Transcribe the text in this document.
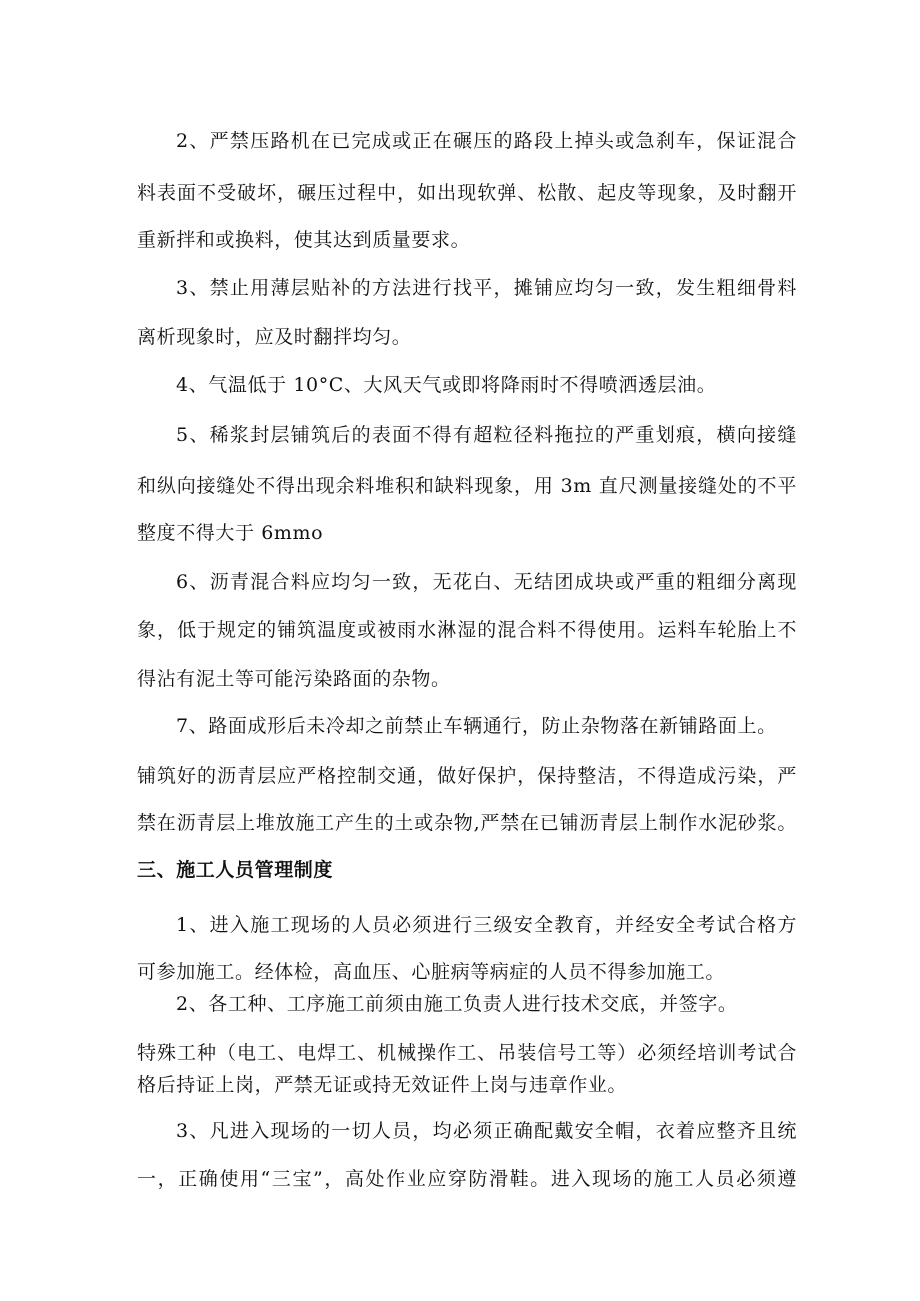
2、严禁压路机在已完成或正在碾压的路段上掉头或急刹车，保证混合
料表面不受破坏，碾压过程中，如出现软弹、松散、起皮等现象，及时翻开
重新拌和或换料，使其达到质量要求。
3、禁止用薄层贴补的方法进行找平，摊铺应均匀一致，发生粗细骨料
离析现象时，应及时翻拌均匀。
4、气温低于 10°C、大风天气或即将降雨时不得喷洒透层油。
5、稀浆封层铺筑后的表面不得有超粒径料拖拉的严重划痕，横向接缝
和纵向接缝处不得出现余料堆积和缺料现象，用 3m 直尺测量接缝处的不平
整度不得大于 6mmo
6、沥青混合料应均匀一致，无花白、无结团成块或严重的粗细分离现
象，低于规定的铺筑温度或被雨水淋湿的混合料不得使用。运料车轮胎上不
得沾有泥土等可能污染路面的杂物。
7、路面成形后未冷却之前禁止车辆通行，防止杂物落在新铺路面上。
铺筑好的沥青层应严格控制交通，做好保护，保持整洁，不得造成污染，严
禁在沥青层上堆放施工产生的土或杂物,严禁在已铺沥青层上制作水泥砂浆。
三、施工人员管理制度
1、进入施工现场的人员必须进行三级安全教育，并经安全考试合格方
可参加施工。经体检，高血压、心脏病等病症的人员不得参加施工。
2、各工种、工序施工前须由施工负责人进行技术交底，并签字。
特殊工种（电工、电焊工、机械操作工、吊装信号工等）必须经培训考试合
格后持证上岗，严禁无证或持无效证件上岗与违章作业。
3、凡进入现场的一切人员，均必须正确配戴安全帽，衣着应整齐且统
一，正确使用“三宝”，高处作业应穿防滑鞋。进入现场的施工人员必须遵
